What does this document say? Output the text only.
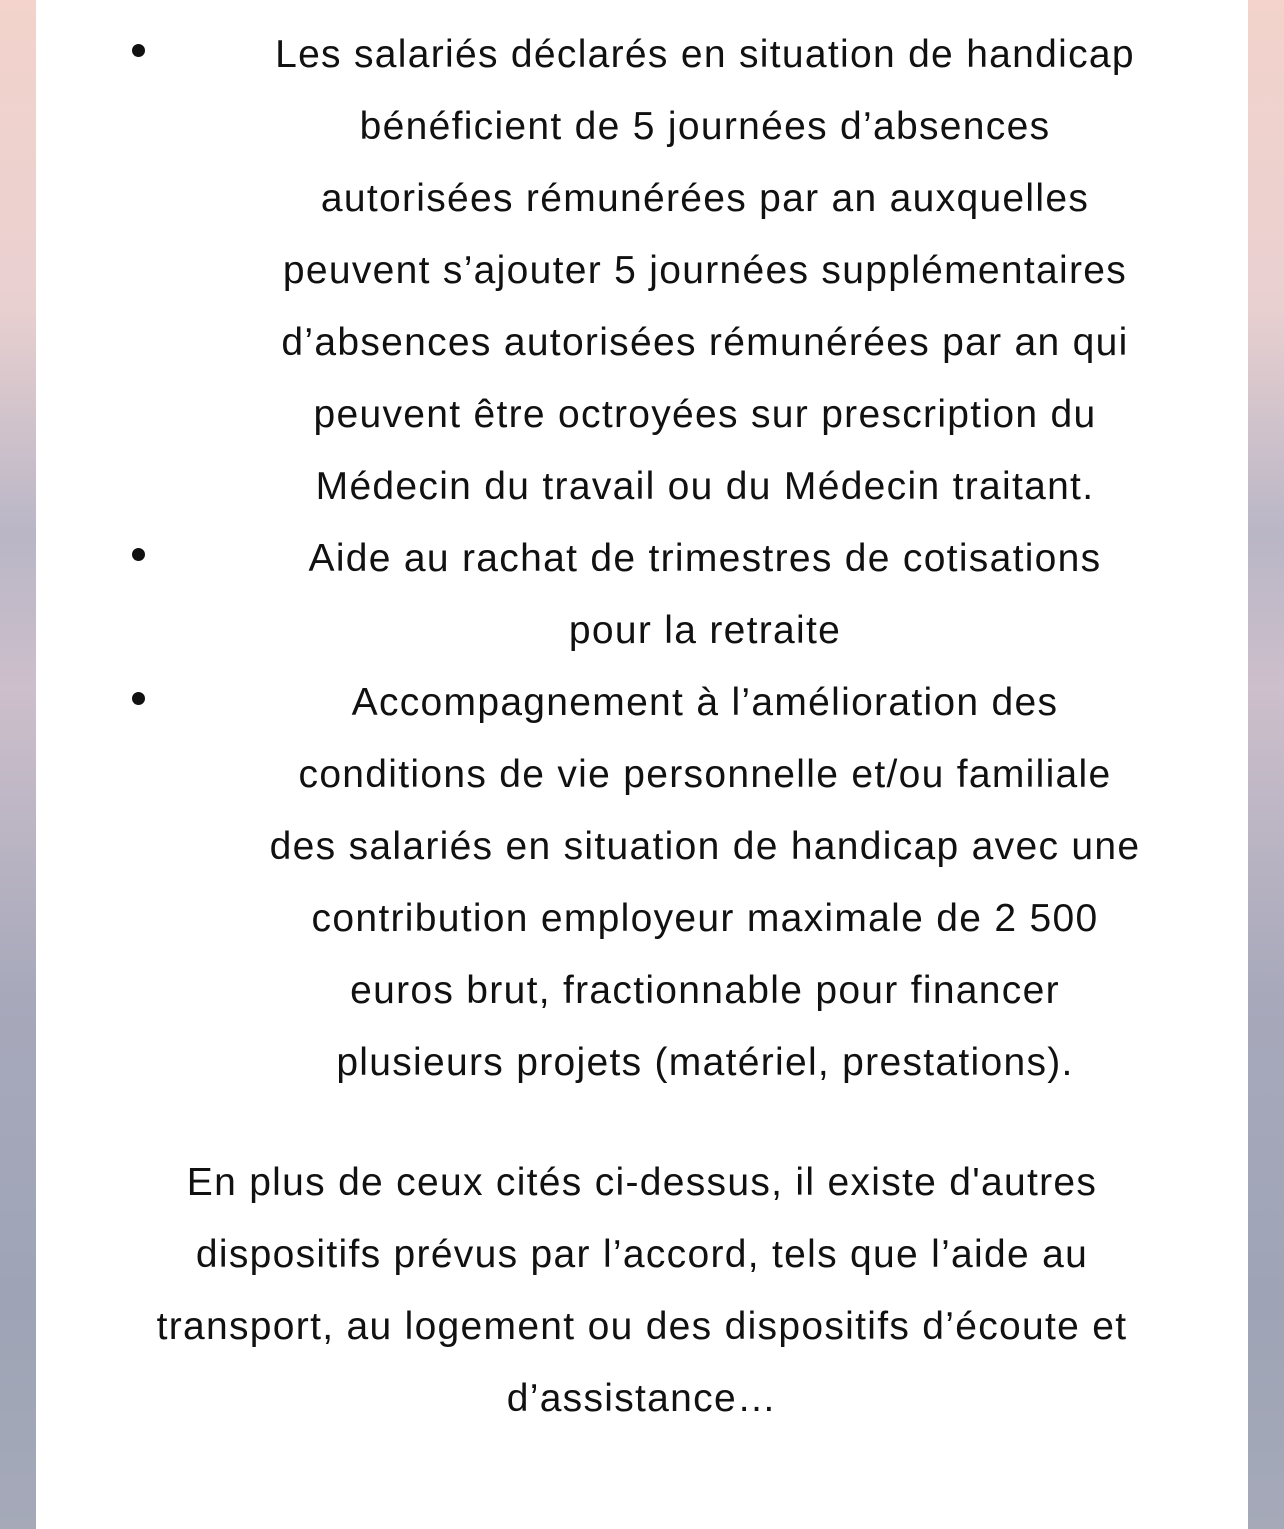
Les salariés déclarés en situation de handicap
bénéficient de 5 journées d’absences
autorisées rémunérées par an auxquelles
peuvent s’ajouter 5 journées supplémentaires
d’absences autorisées rémunérées par an qui
peuvent être octroyées sur prescription du
Médecin du travail ou du Médecin traitant.
Aide au rachat de trimestres de cotisations
pour la retraite
Accompagnement à l’amélioration des
conditions de vie personnelle et/ou familiale
des salariés en situation de handicap avec une
contribution employeur maximale de 2 500
euros brut, fractionnable pour financer
plusieurs projets (matériel, prestations).
En plus de ceux cités ci-dessus, il existe d'autres
dispositifs prévus par l’accord, tels que l’aide au
transport, au logement ou des dispositifs d’écoute et
d’assistance…
